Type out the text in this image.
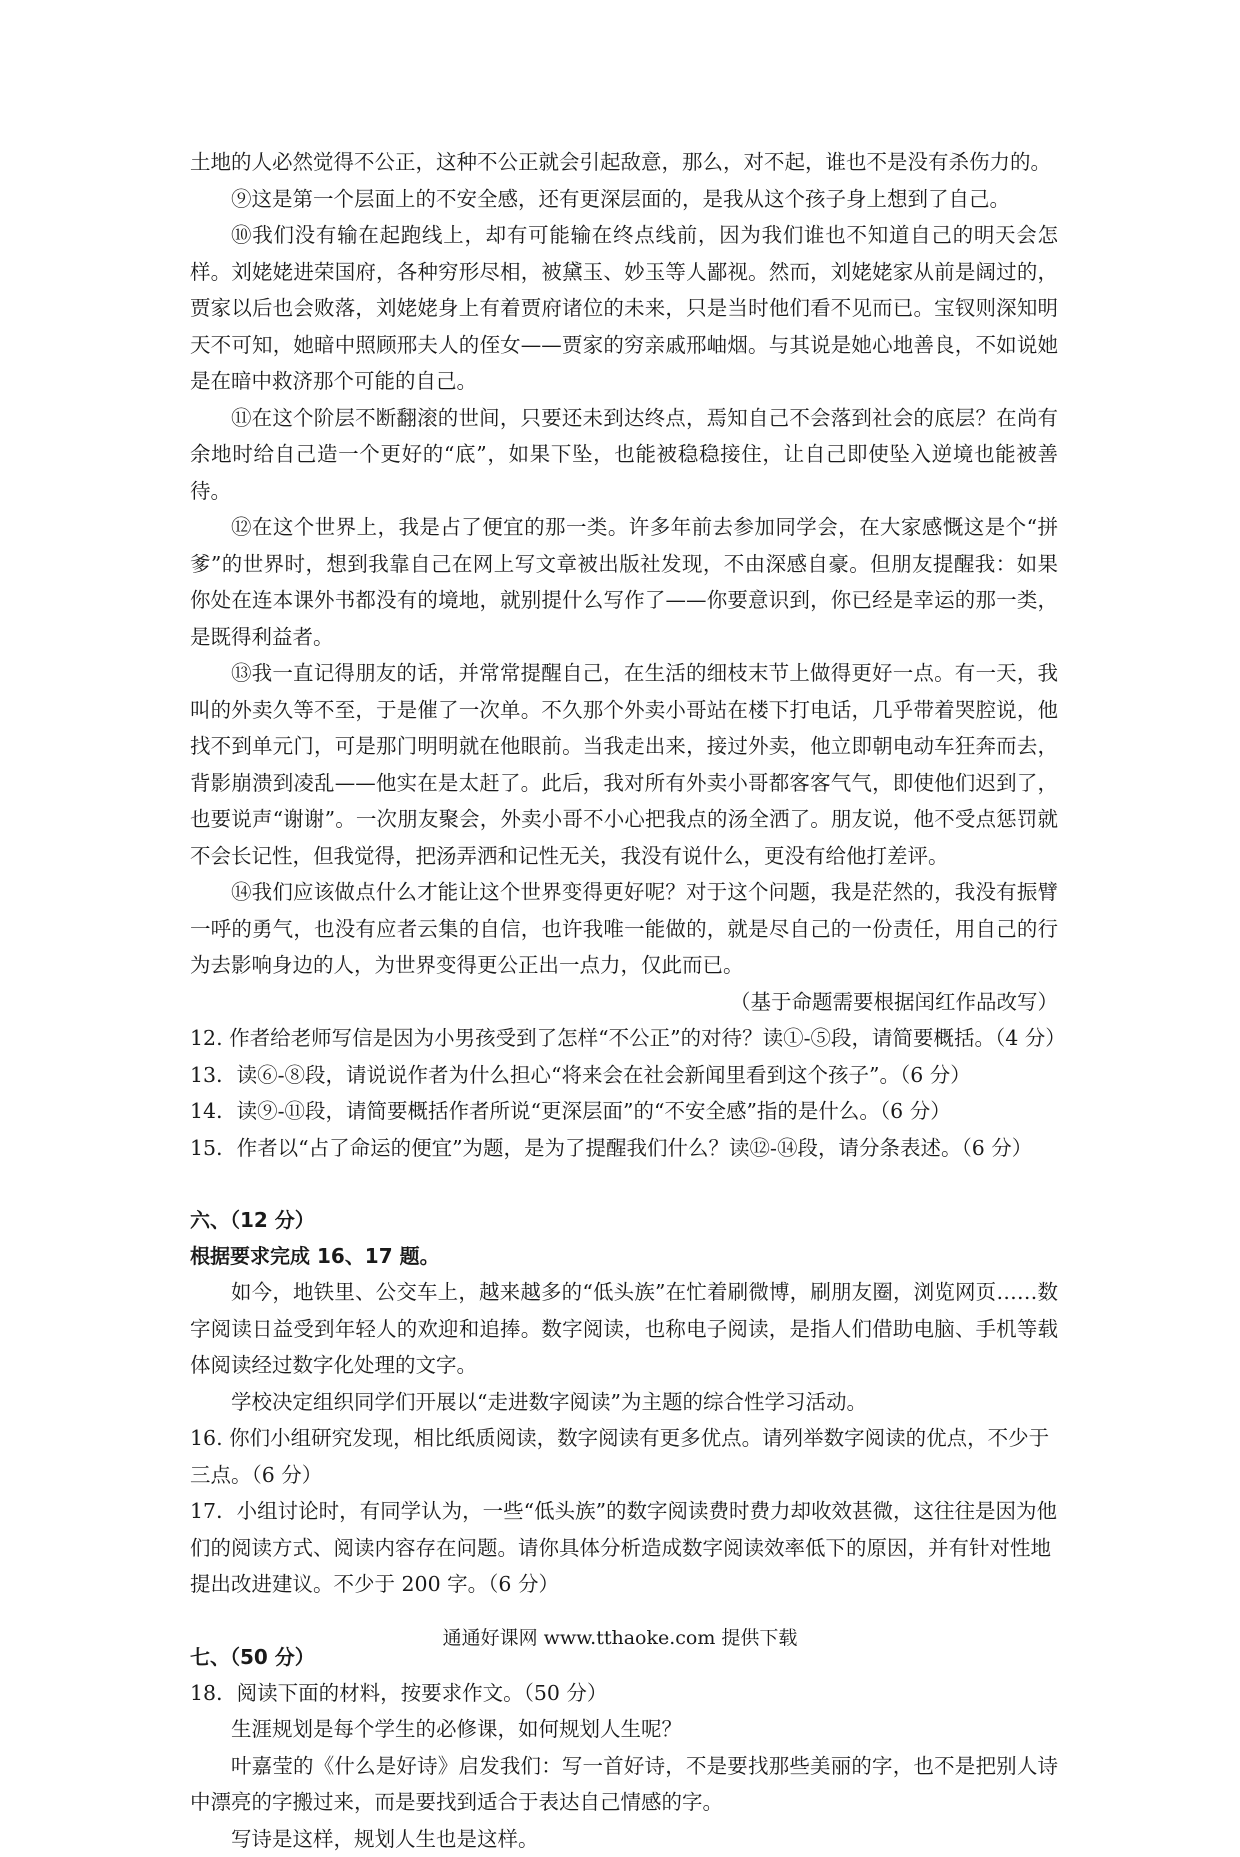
土地的人必然觉得不公正，这种不公正就会引起敌意，那么，对不起，谁也不是没有杀伤力的。

⑨这是第一个层面上的不安全感，还有更深层面的，是我从这个孩子身上想到了自己。

⑩我们没有输在起跑线上，却有可能输在终点线前，因为我们谁也不知道自己的明天会怎样。刘姥姥进荣国府，各种穷形尽相，被黛玉、妙玉等人鄙视。然而，刘姥姥家从前是阔过的，贾家以后也会败落，刘姥姥身上有着贾府诸位的未来，只是当时他们看不见而已。宝钗则深知明天不可知，她暗中照顾邢夫人的侄女——贾家的穷亲戚邢岫烟。与其说是她心地善良，不如说她是在暗中救济那个可能的自己。

⑪在这个阶层不断翻滚的世间，只要还未到达终点，焉知自己不会落到社会的底层？在尚有余地时给自己造一个更好的“底”，如果下坠，也能被稳稳接住，让自己即使坠入逆境也能被善待。

⑫在这个世界上，我是占了便宜的那一类。许多年前去参加同学会，在大家感慨这是个“拼爹”的世界时，想到我靠自己在网上写文章被出版社发现，不由深感自豪。但朋友提醒我：如果你处在连本课外书都没有的境地，就别提什么写作了——你要意识到，你已经是幸运的那一类，是既得利益者。

⑬我一直记得朋友的话，并常常提醒自己，在生活的细枝末节上做得更好一点。有一天，我叫的外卖久等不至，于是催了一次单。不久那个外卖小哥站在楼下打电话，几乎带着哭腔说，他找不到单元门，可是那门明明就在他眼前。当我走出来，接过外卖，他立即朝电动车狂奔而去，背影崩溃到凌乱——他实在是太赶了。此后，我对所有外卖小哥都客客气气，即使他们迟到了，也要说声“谢谢”。一次朋友聚会，外卖小哥不小心把我点的汤全洒了。朋友说，他不受点惩罚就不会长记性，但我觉得，把汤弄洒和记性无关，我没有说什么，更没有给他打差评。

⑭我们应该做点什么才能让这个世界变得更好呢？对于这个问题，我是茫然的，我没有振臂一呼的勇气，也没有应者云集的自信，也许我唯一能做的，就是尽自己的一份责任，用自己的行为去影响身边的人，为世界变得更公正出一点力，仅此而已。

（基于命题需要根据闰红作品改写）

12. 作者给老师写信是因为小男孩受到了怎样“不公正”的对待？读①-⑤段，请简要概括。（4 分）

13．读⑥-⑧段，请说说作者为什么担心“将来会在社会新闻里看到这个孩子”。（6 分）

14．读⑨-⑪段，请简要概括作者所说“更深层面”的“不安全感”指的是什么。（6 分）

15．作者以“占了命运的便宜”为题，是为了提醒我们什么？读⑫-⑭段，请分条表述。（6 分）

六、（12 分）

根据要求完成 16、17 题。

如今，地铁里、公交车上，越来越多的“低头族”在忙着刷微博，刷朋友圈，浏览网页……数字阅读日益受到年轻人的欢迎和追捧。数字阅读，也称电子阅读，是指人们借助电脑、手机等载体阅读经过数字化处理的文字。

学校决定组织同学们开展以“走进数字阅读”为主题的综合性学习活动。

16. 你们小组研究发现，相比纸质阅读，数字阅读有更多优点。请列举数字阅读的优点，不少于三点。（6 分）

17．小组讨论时，有同学认为，一些“低头族”的数字阅读费时费力却收效甚微，这往往是因为他们的阅读方式、阅读内容存在问题。请你具体分析造成数字阅读效率低下的原因，并有针对性地提出改进建议。不少于 200 字。（6 分）

七、（50 分）

18．阅读下面的材料，按要求作文。（50 分）

生涯规划是每个学生的必修课，如何规划人生呢？

叶嘉莹的《什么是好诗》启发我们：写一首好诗，不是要找那些美丽的字，也不是把别人诗中漂亮的字搬过来，而是要找到适合于表达自己情感的字。

写诗是这样，规划人生也是这样。

通通好课网 www.tthaoke.com 提供下载
